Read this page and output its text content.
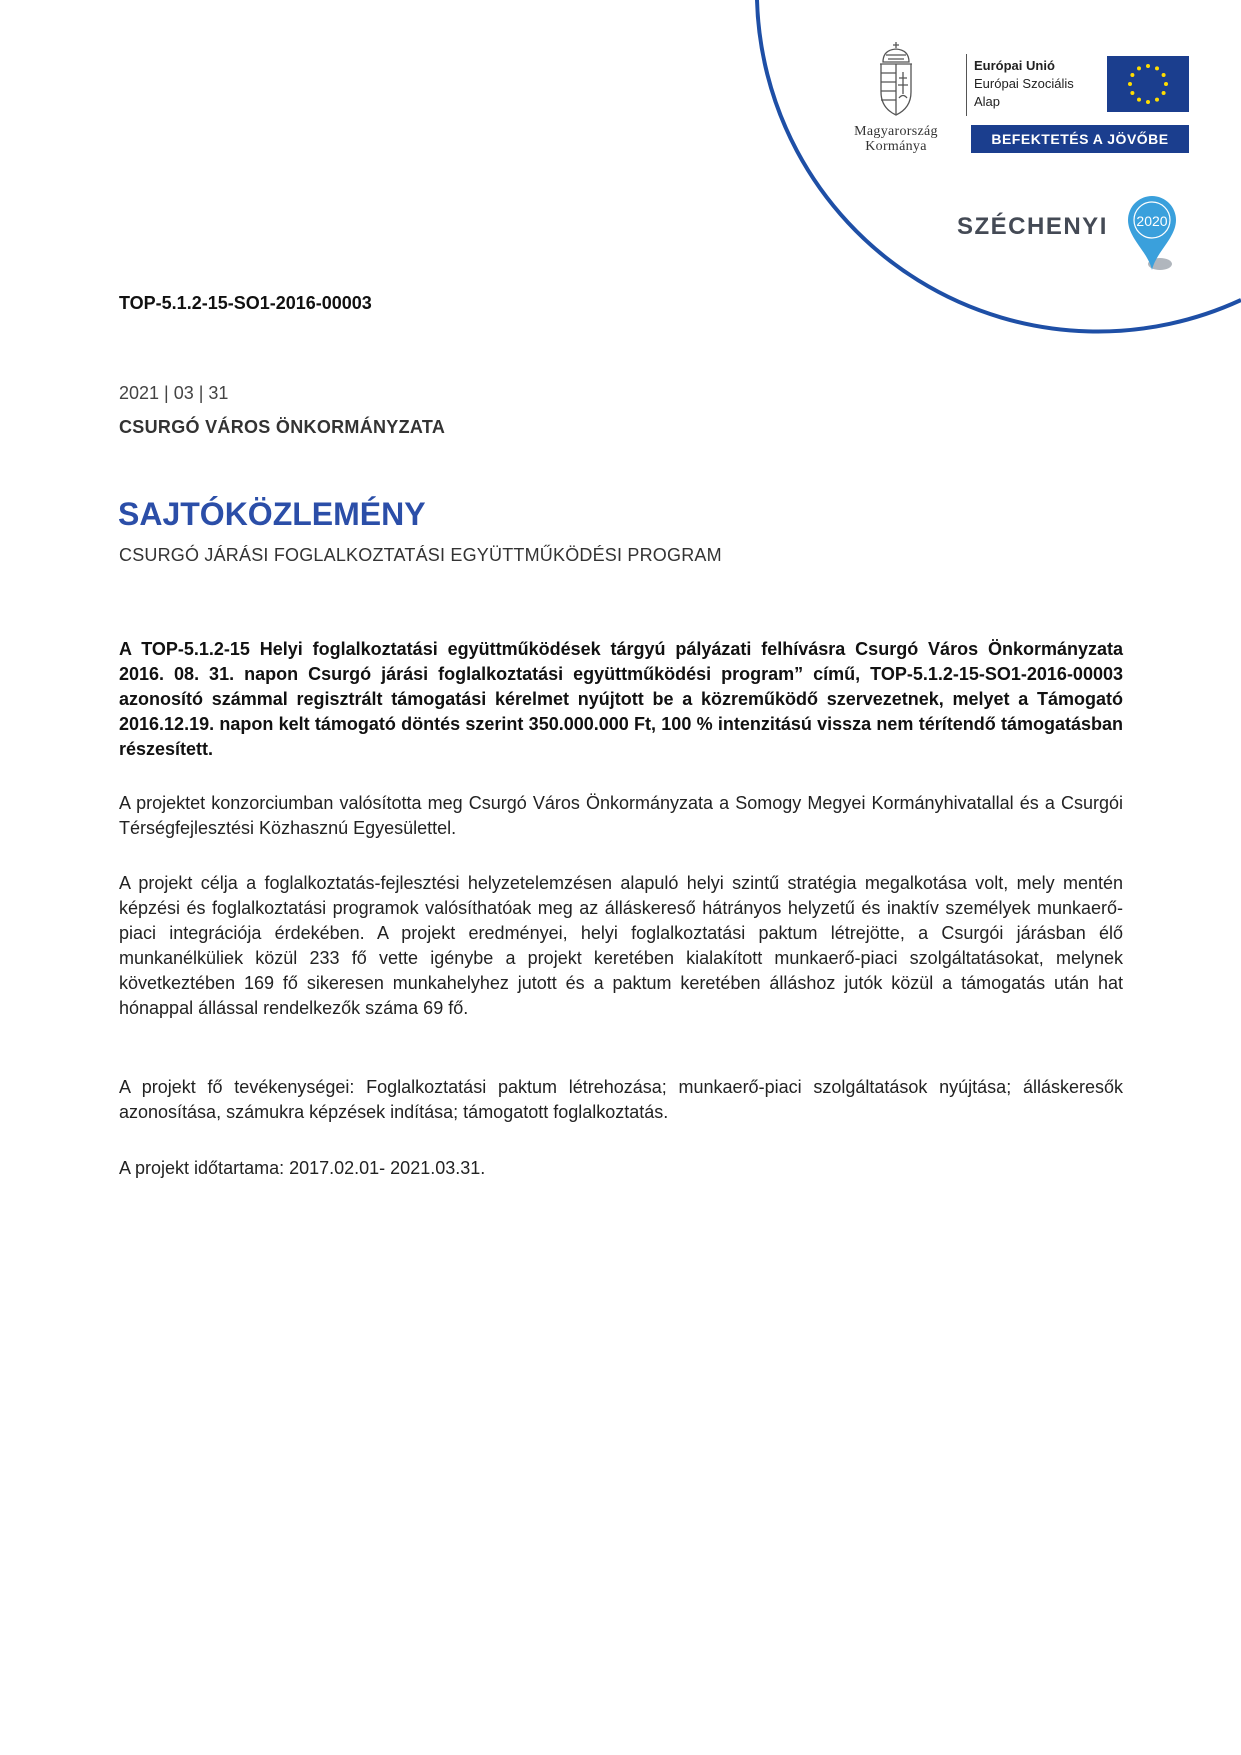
Magyarország
Kormánya
Európai Unió
Európai Szociális
Alap
BEFEKTETÉS A JÖVŐBE
SZÉCHENYI	2020
TOP-5.1.2-15-SO1-2016-00003
2021 | 03 | 31
CSURGÓ VÁROS ÖNKORMÁNYZATA
SAJTÓKÖZLEMÉNY
CSURGÓ JÁRÁSI FOGLALKOZTATÁSI EGYÜTTMŰKÖDÉSI PROGRAM

A TOP-5.1.2-15 Helyi foglalkoztatási együttműködések tárgyú pályázati felhívásra Csurgó Város Önkormányzata 2016. 08. 31. napon Csurgó járási foglalkoztatási együttműködési program” című, TOP-5.1.2-15-SO1-2016-00003 azonosító számmal regisztrált támogatási kérelmet nyújtott be a közreműködő szervezetnek, melyet a Támogató 2016.12.19. napon kelt támogató döntés szerint 350.000.000 Ft, 100 % intenzitású vissza nem térítendő támogatásban részesített.

A projektet konzorciumban valósította meg Csurgó Város Önkormányzata a Somogy Megyei Kormányhivatallal és a Csurgói Térségfejlesztési Közhasznú Egyesülettel.

A projekt célja a foglalkoztatás-fejlesztési helyzetelemzésen alapuló helyi szintű stratégia megalkotása volt, mely mentén képzési és foglalkoztatási programok valósíthatóak meg az álláskereső hátrányos helyzetű és inaktív személyek munkaerő-piaci integrációja érdekében. A projekt eredményei, helyi foglalkoztatási paktum létrejötte, a Csurgói járásban élő munkanélküliek közül 233 fő vette igénybe a projekt keretében kialakított munkaerő-piaci szolgáltatásokat, melynek következtében 169 fő sikeresen munkahelyhez jutott és a paktum keretében álláshoz jutók közül a támogatás után hat hónappal állással rendelkezők száma 69 fő.

A projekt fő tevékenységei: Foglalkoztatási paktum létrehozása; munkaerő-piaci szolgáltatások nyújtása; álláskeresők azonosítása, számukra képzések indítása; támogatott foglalkoztatás.

A projekt időtartama: 2017.02.01- 2021.03.31.
